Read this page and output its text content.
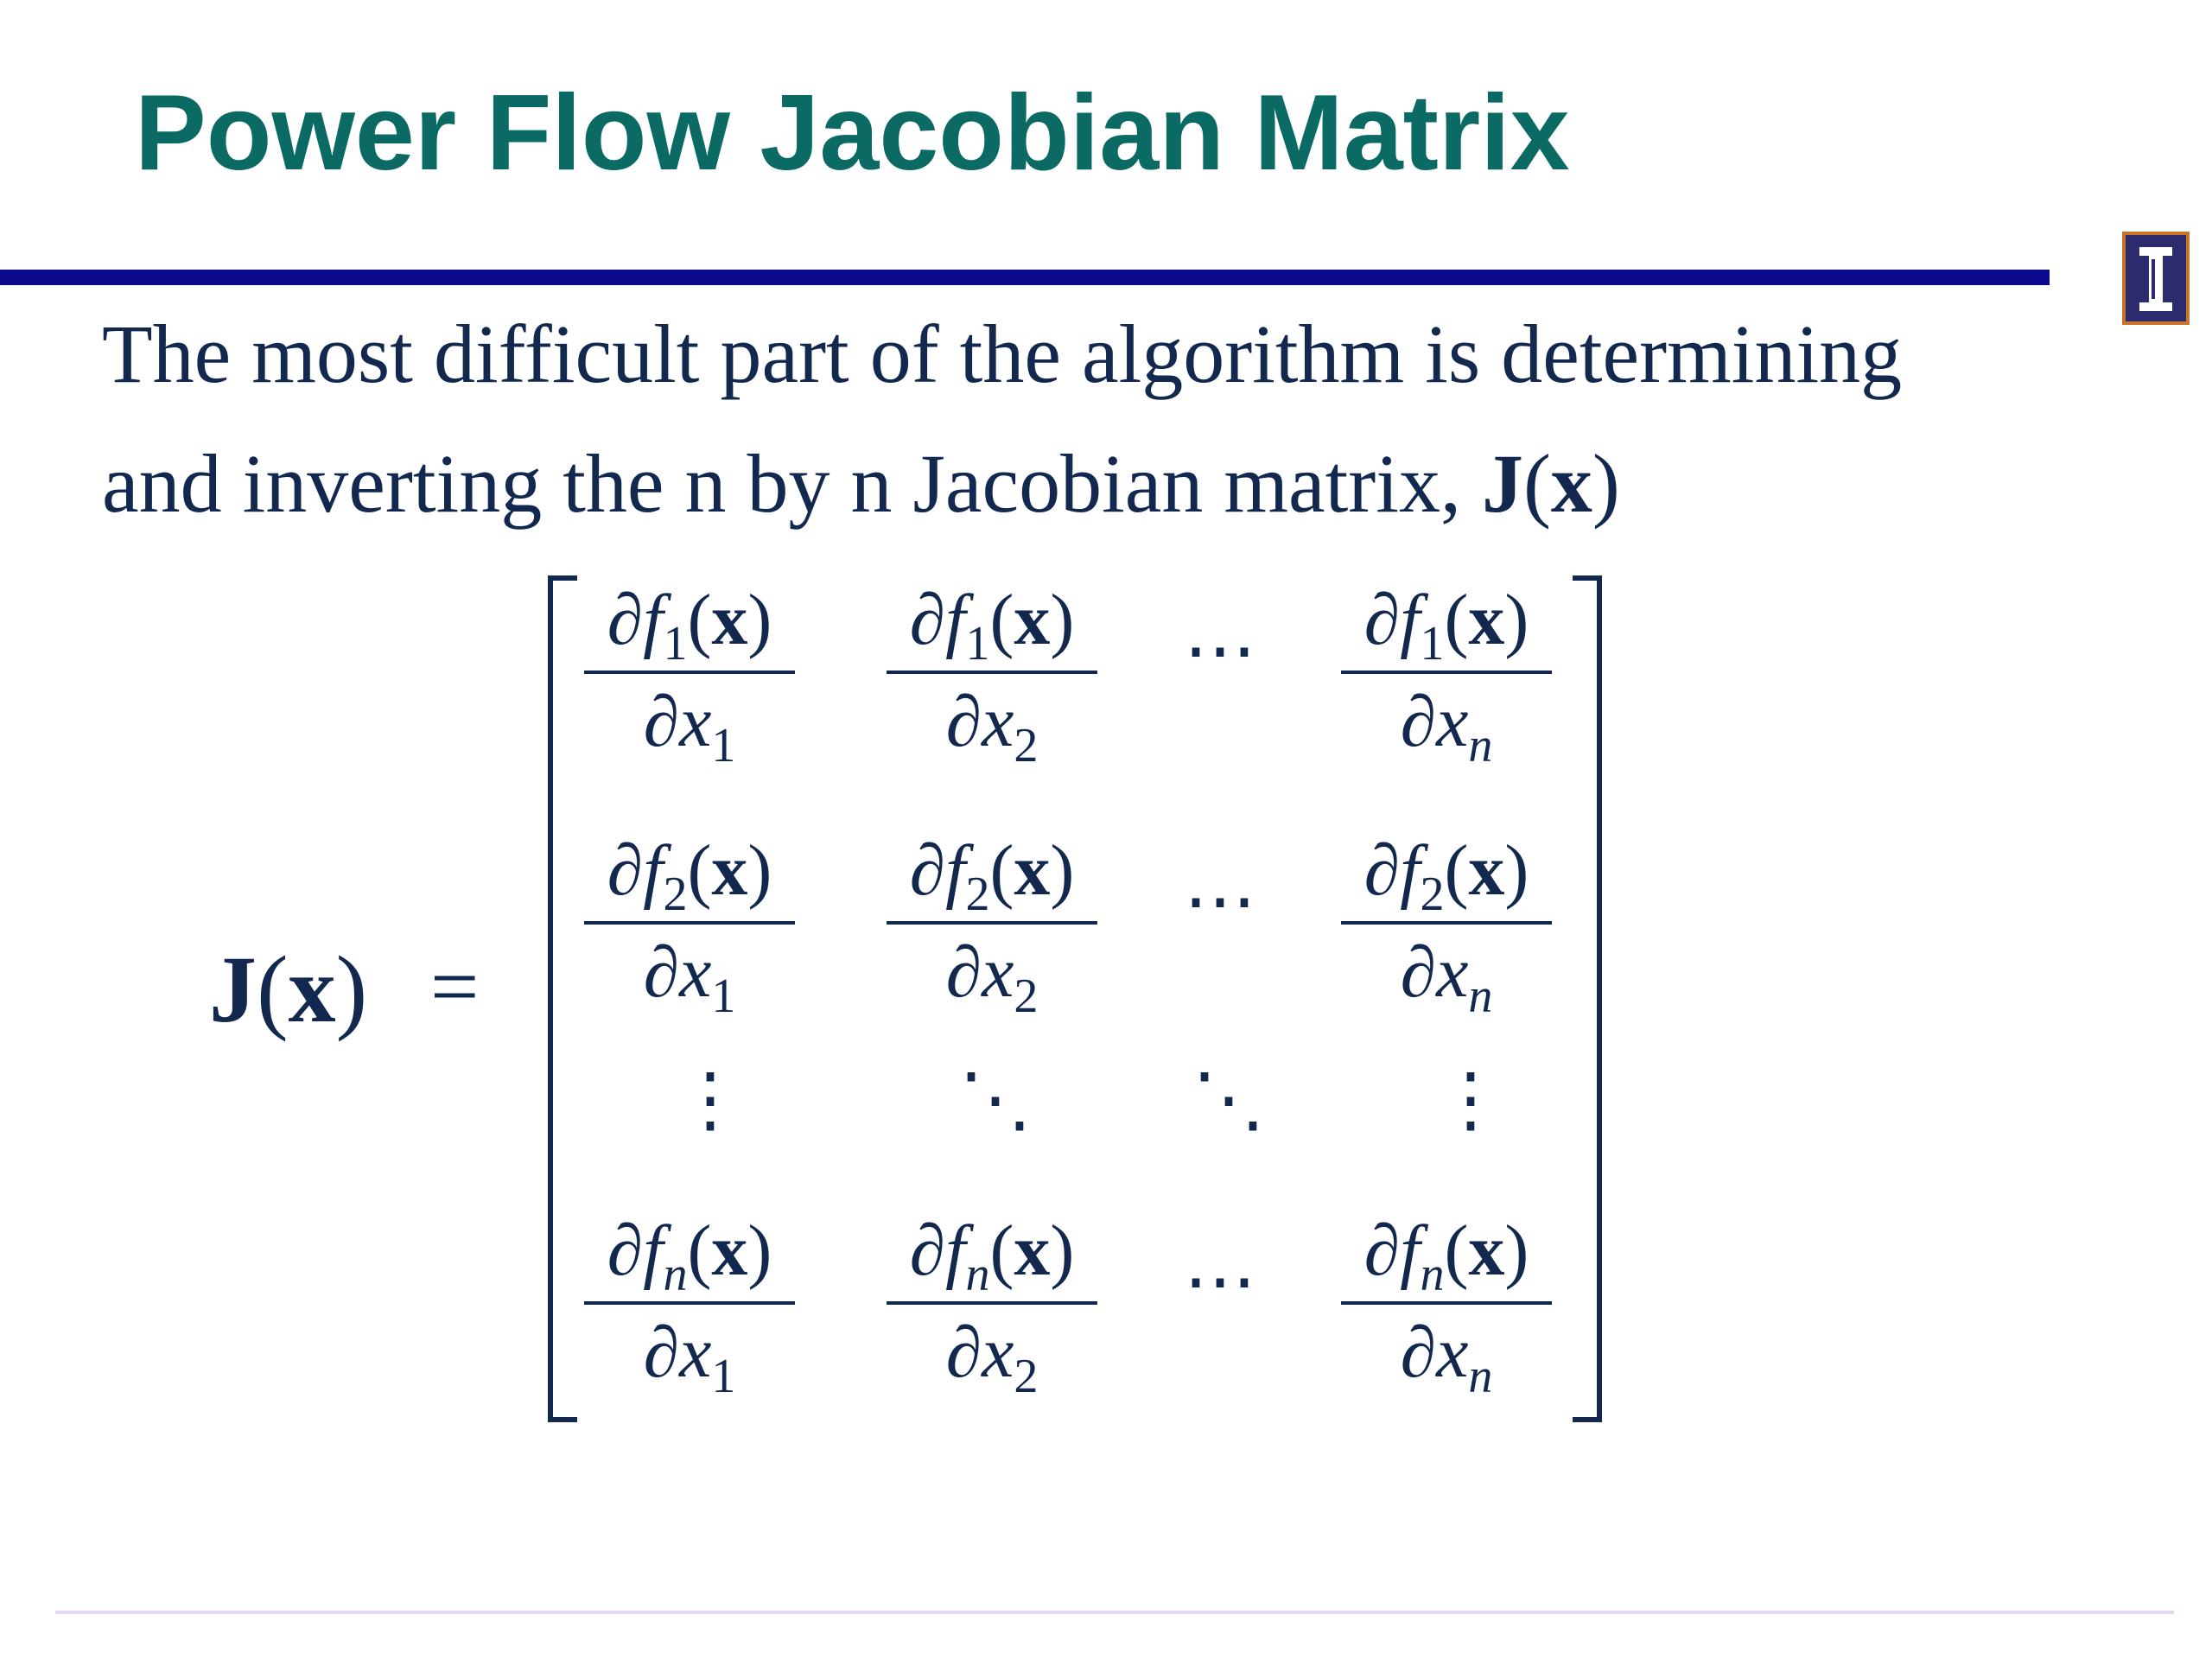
Power Flow Jacobian Matrix
The most difficult part of the algorithm is determining
and inverting the n by n Jacobian matrix, J(x)
J(x) =
$\partial f_1(x)$
$\partial x_1$
$\partial f_1(x)$
$\partial x_2$
$\partial f_1(x)$
$\partial x_n$
⋯
$\partial f_2(x)$
$\partial x_1$
$\partial f_2(x)$
$\partial x_2$
$\partial f_2(x)$
$\partial x_n$
⋯
$\partial f_n(x)$
$\partial x_1$
$\partial f_n(x)$
$\partial x_2$
$\partial f_n(x)$
$\partial x_n$
⋯
⋮	⋱ ⋱ ⋮
